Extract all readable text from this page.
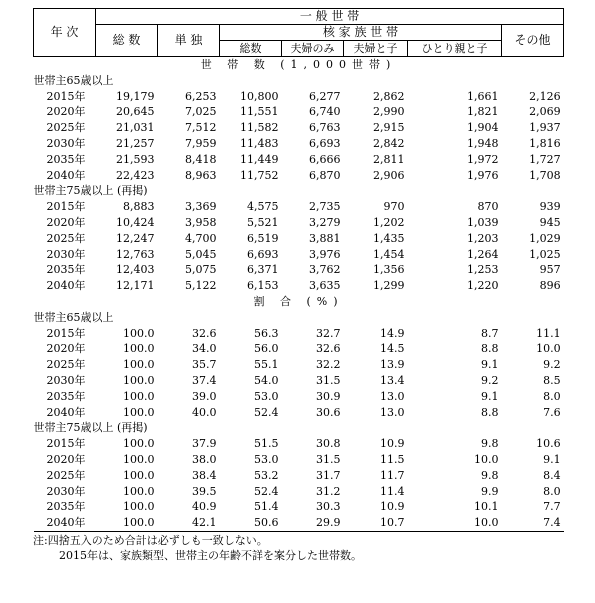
年 次	一 般 世 帯						
	総 数	単 独	核 家 族 世 帯				その他
			総数	夫婦のみ	夫婦と子	ひとり親と子	
世 帯 数 (1,000世帯)							
世帯主65歳以上							
2015年	19,179	6,253	10,800	6,277	2,862	1,661	2,126
2020年	20,645	7,025	11,551	6,740	2,990	1,821	2,069
2025年	21,031	7,512	11,582	6,763	2,915	1,904	1,937
2030年	21,257	7,959	11,483	6,693	2,842	1,948	1,816
2035年	21,593	8,418	11,449	6,666	2,811	1,972	1,727
2040年	22,423	8,963	11,752	6,870	2,906	1,976	1,708
世帯主75歳以上 (再掲)							
2015年	8,883	3,369	4,575	2,735	970	870	939
2020年	10,424	3,958	5,521	3,279	1,202	1,039	945
2025年	12,247	4,700	6,519	3,881	1,435	1,203	1,029
2030年	12,763	5,045	6,693	3,976	1,454	1,264	1,025
2035年	12,403	5,075	6,371	3,762	1,356	1,253	957
2040年	12,171	5,122	6,153	3,635	1,299	1,220	896
割 合 (%)							
世帯主65歳以上							
2015年	100.0	32.6	56.3	32.7	14.9	8.7	11.1
2020年	100.0	34.0	56.0	32.6	14.5	8.8	10.0
2025年	100.0	35.7	55.1	32.2	13.9	9.1	9.2
2030年	100.0	37.4	54.0	31.5	13.4	9.2	8.5
2035年	100.0	39.0	53.0	30.9	13.0	9.1	8.0
2040年	100.0	40.0	52.4	30.6	13.0	8.8	7.6
世帯主75歳以上 (再掲)							
2015年	100.0	37.9	51.5	30.8	10.9	9.8	10.6
2020年	100.0	38.0	53.0	31.5	11.5	10.0	9.1
2025年	100.0	38.4	53.2	31.7	11.7	9.8	8.4
2030年	100.0	39.5	52.4	31.2	11.4	9.9	8.0
2035年	100.0	40.9	51.4	30.3	10.9	10.1	7.7
2040年	100.0	42.1	50.6	29.9	10.7	10.0	7.4
注:四捨五入のため合計は必ずしも一致しない。
2015年は、家族類型、世帯主の年齢不詳を案分した世帯数。
